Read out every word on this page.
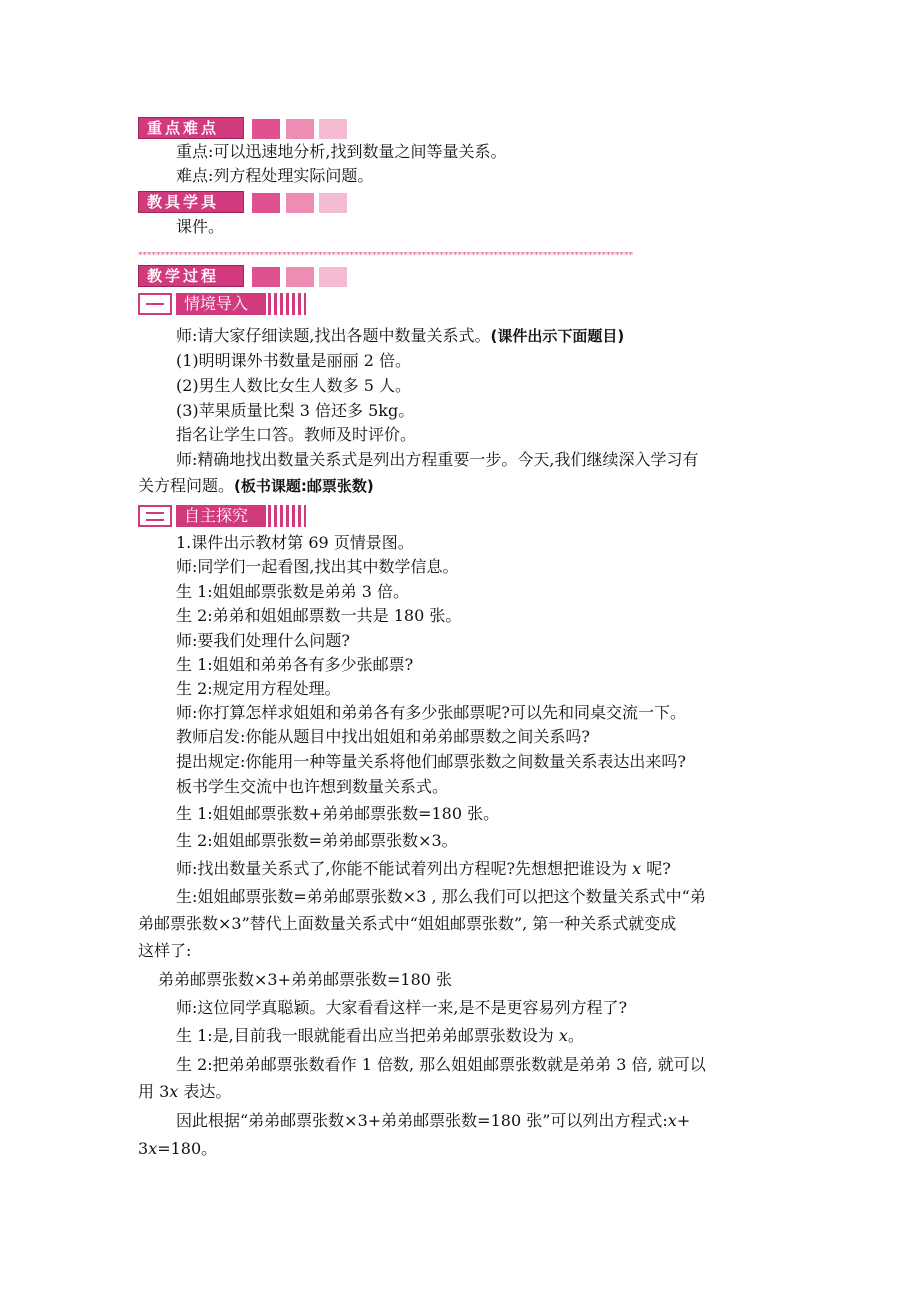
重点难点
重点:可以迅速地分析,找到数量之间等量关系。
难点:列方程处理实际问题。
教具学具
课件。
**************************************************************************************************************
教学过程
情境导入
师:请大家仔细读题,找出各题中数量关系式。(课件出示下面题目)
(1)明明课外书数量是丽丽 2 倍。
(2)男生人数比女生人数多 5 人。
(3)苹果质量比梨 3 倍还多 5kg。
指名让学生口答。教师及时评价。
师:精确地找出数量关系式是列出方程重要一步。今天,我们继续深入学习有
关方程问题。(板书课题:邮票张数)
自主探究
1.课件出示教材第 69 页情景图。
师:同学们一起看图,找出其中数学信息。
生 1:姐姐邮票张数是弟弟 3 倍。
生 2:弟弟和姐姐邮票数一共是 180 张。
师:要我们处理什么问题?
生 1:姐姐和弟弟各有多少张邮票?
生 2:规定用方程处理。
师:你打算怎样求姐姐和弟弟各有多少张邮票呢?可以先和同桌交流一下。
教师启发:你能从题目中找出姐姐和弟弟邮票数之间关系吗?
提出规定:你能用一种等量关系将他们邮票张数之间数量关系表达出来吗?
板书学生交流中也许想到数量关系式。
生 1:姐姐邮票张数+弟弟邮票张数=180 张。
生 2:姐姐邮票张数=弟弟邮票张数×3。
师:找出数量关系式了,你能不能试着列出方程呢?先想想把谁设为 x 呢?
生:姐姐邮票张数=弟弟邮票张数×3 , 那么我们可以把这个数量关系式中“弟
弟邮票张数×3”替代上面数量关系式中“姐姐邮票张数”, 第一种关系式就变成
这样了:
弟弟邮票张数×3+弟弟邮票张数=180 张
师:这位同学真聪颖。大家看看这样一来,是不是更容易列方程了?
生 1:是,目前我一眼就能看出应当把弟弟邮票张数设为 x。
生 2:把弟弟邮票张数看作 1 倍数, 那么姐姐邮票张数就是弟弟 3 倍, 就可以
用 3x 表达。
因此根据“弟弟邮票张数×3+弟弟邮票张数=180 张”可以列出方程式:x+
3x=180。
